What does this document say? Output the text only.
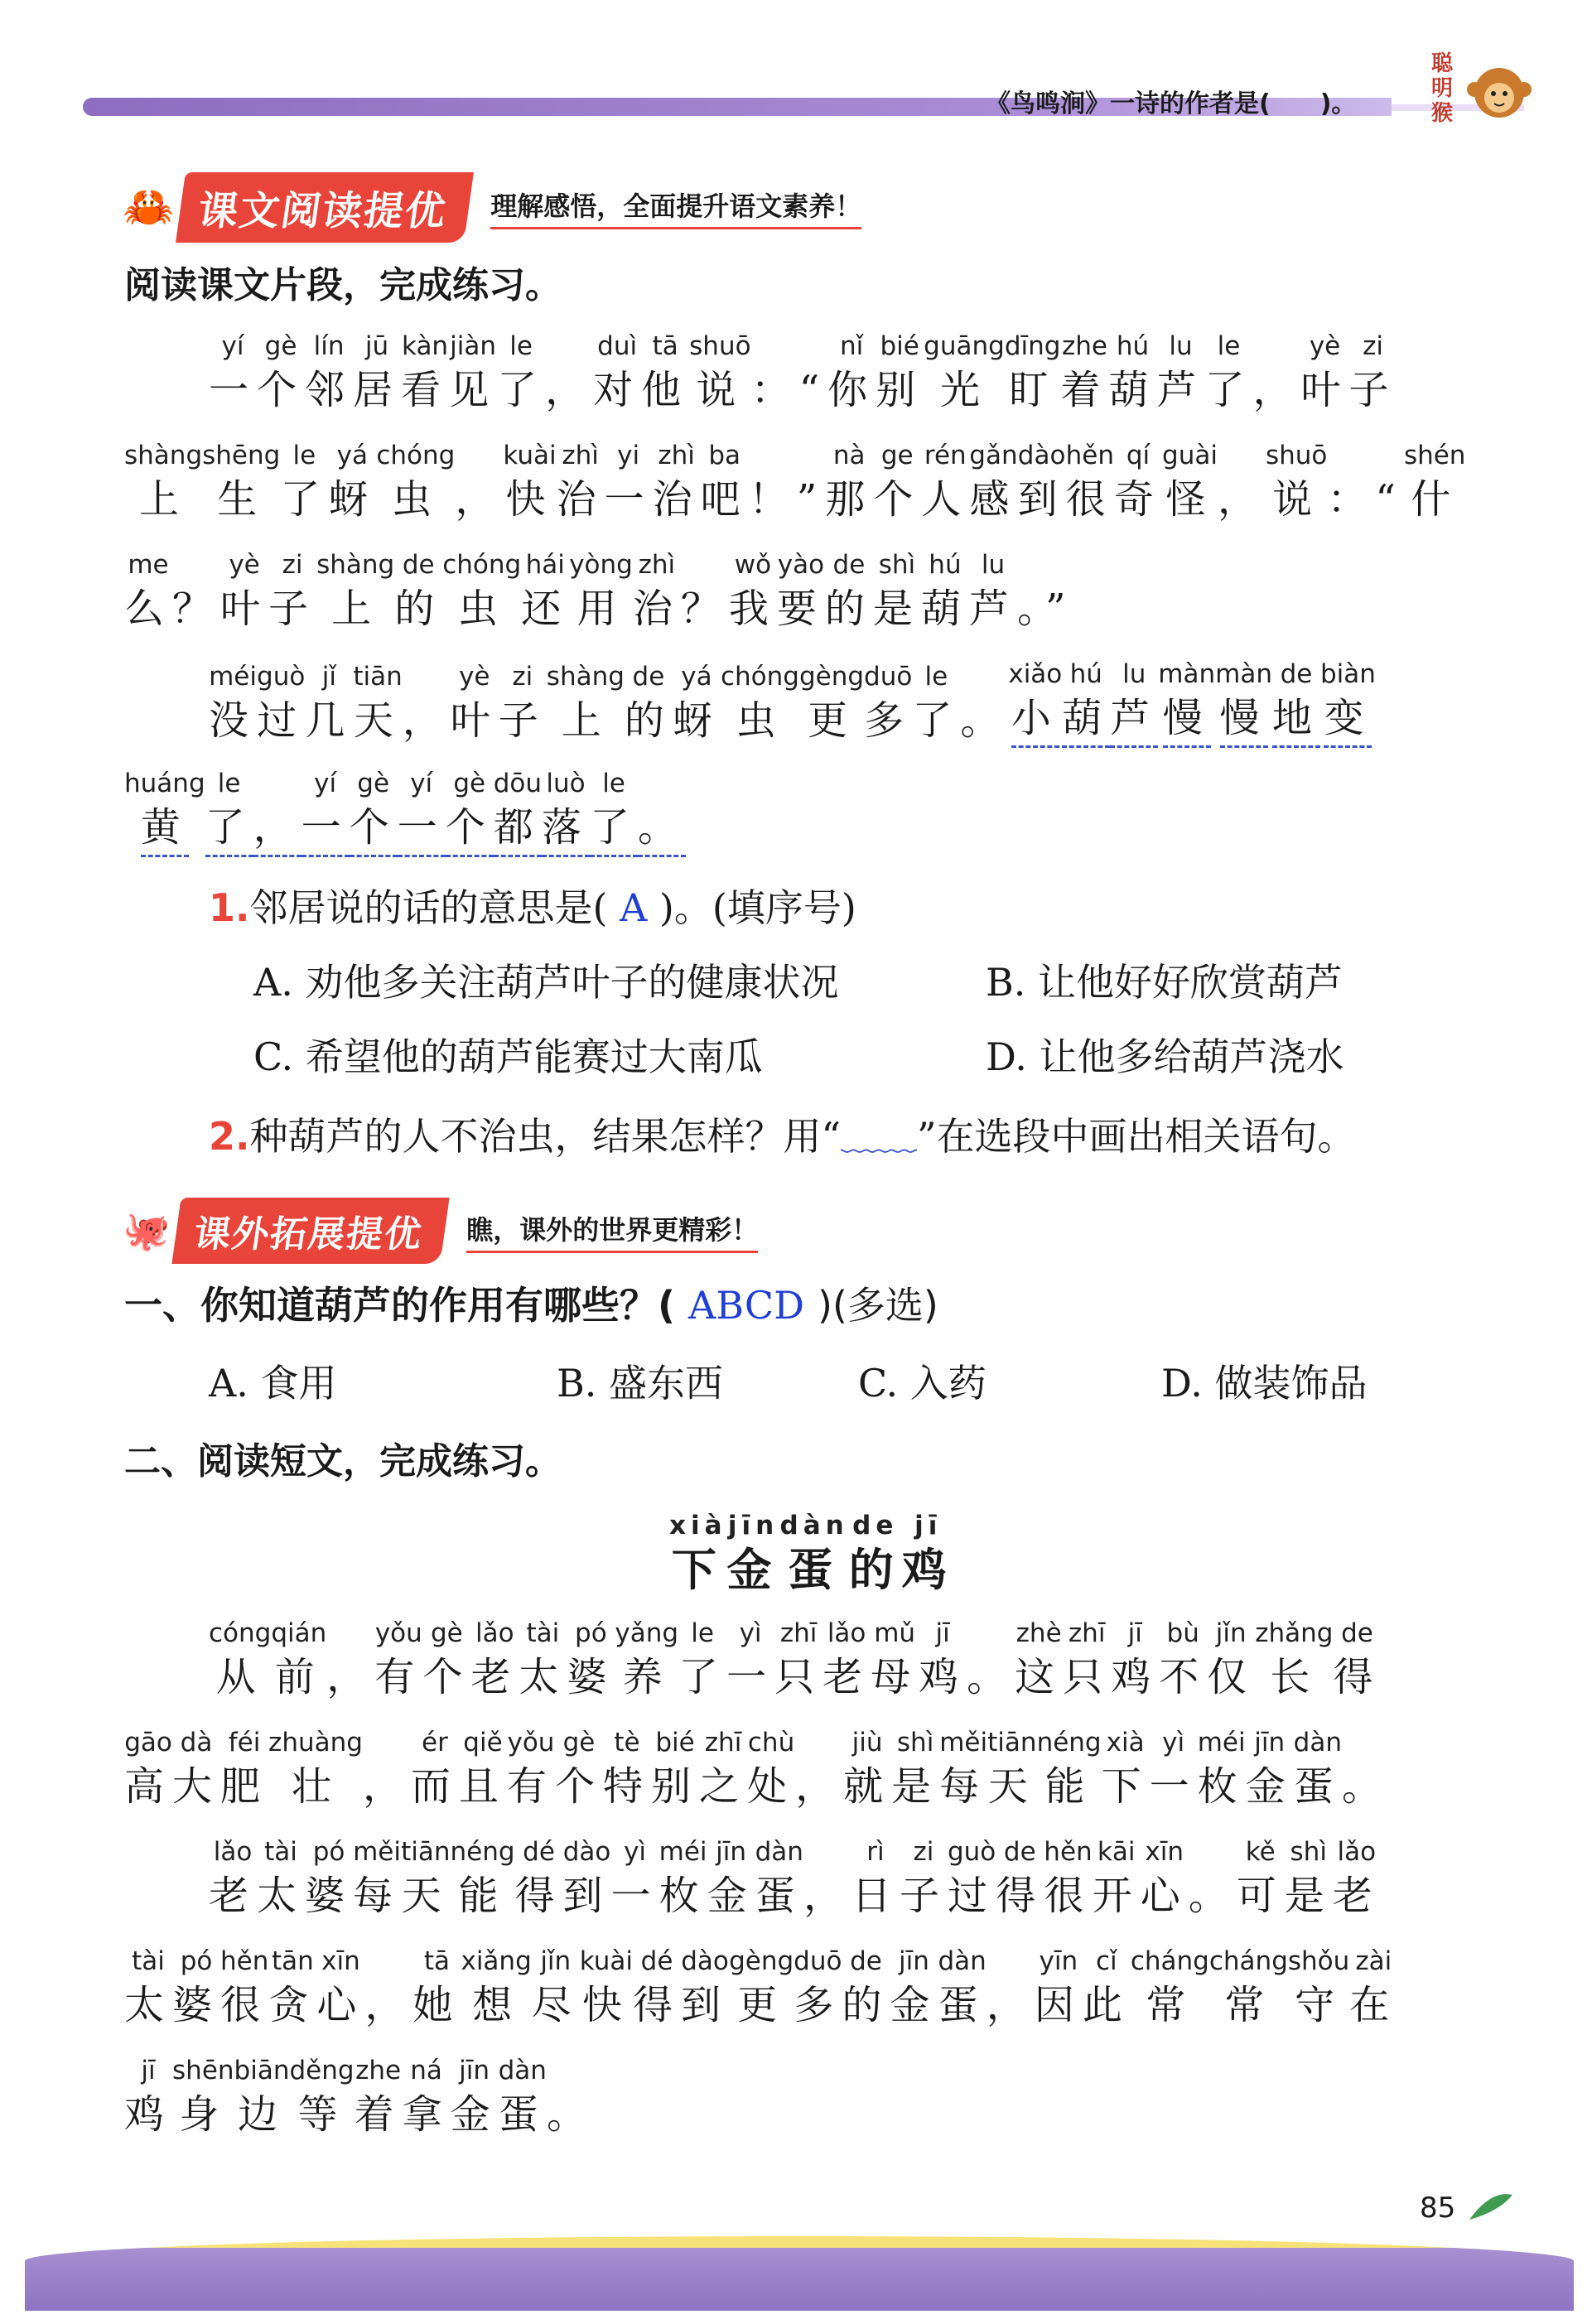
《鸟鸣涧》一诗的作者是(　　)。
聪明猴
🦀 课文阅读提优	理解感悟，全面提升语文素养！
阅读课文片段，完成练习。
yí
一
gè
个
lín
邻
jū
居
kàn
看
jiàn
见
le
了
，
duì
对
tā
他
shuō
说
：“
nǐ
你
bié
别
guāng
光
dīng
盯
zhe
着
hú
葫
lu
芦
le
了
，
yè
叶
zi
子
shàng
上
shēng
生
le
了
yá
蚜
chóng
虫
，
kuài
快
zhì
治
yi
一
zhì
治
ba
吧
！”
nà
那
ge
个
rén
人
gǎn
感
dào
到
hěn
很
qí
奇
guài
怪
，
shuō
说
：“
shén
什
me
么
？
yè
叶
zi
子
shàng
上
de
的
chóng
虫
hái
还
yòng
用
zhì
治
？
wǒ
我
yào
要
de
的
shì
是
hú
葫
lu
芦
。”
méi
没
guò
过
jǐ
几
tiān
天
，
yè
叶
zi
子
shàng
上
de
的
yá
蚜
chóng
虫
gèng
更
duō
多
le
了
。
xiǎo
小
hú
葫
lu
芦
màn
慢
màn
慢
de
地
biàn
变
huáng
黄
le
了
，
yí
一
gè
个
yí
一
gè
个
dōu
都
luò
落
le
了
。
1.邻居说的话的意思是( A )。(填序号)
A. 劝他多关注葫芦叶子的健康状况	B. 让他好好欣赏葫芦
C. 希望他的葫芦能赛过大南瓜	D. 让他多给葫芦浇水
2.种葫芦的人不治虫，结果怎样？用“﹏﹏”在选段中画出相关语句。
🐙 课外拓展提优	瞧，课外的世界更精彩！
一、你知道葫芦的作用有哪些？( ABCD )(多选)
A. 食用	B. 盛东西	C. 入药	D. 做装饰品
二、阅读短文，完成练习。
xià
下
jīn
金
dàn
蛋
de
的
jī
鸡
cóng
从
qián
前
，
yǒu
有
gè
个
lǎo
老
tài
太
pó
婆
yǎng
养
le
了
yì
一
zhī
只
lǎo
老
mǔ
母
jī
鸡
。
zhè
这
zhī
只
jī
鸡
bù
不
jǐn
仅
zhǎng
长
de
得
gāo
高
dà
大
féi
肥
zhuàng
壮
，
ér
而
qiě
且
yǒu
有
gè
个
tè
特
bié
别
zhī
之
chù
处
，
jiù
就
shì
是
měi
每
tiān
天
néng
能
xià
下
yì
一
méi
枚
jīn
金
dàn
蛋
。
lǎo
老
tài
太
pó
婆
měi
每
tiān
天
néng
能
dé
得
dào
到
yì
一
méi
枚
jīn
金
dàn
蛋
，
rì
日
zi
子
guò
过
de
得
hěn
很
kāi
开
xīn
心
。
kě
可
shì
是
lǎo
老
tài
太
pó
婆
hěn
很
tān
贪
xīn
心
，
tā
她
xiǎng
想
jǐn
尽
kuài
快
dé
得
dào
到
gèng
更
duō
多
de
的
jīn
金
dàn
蛋
，
yīn
因
cǐ
此
cháng
常
cháng
常
shǒu
守
zài
在
jī
鸡
shēn
身
biān
边
děng
等
zhe
着
ná
拿
jīn
金
dàn
蛋
。
85
